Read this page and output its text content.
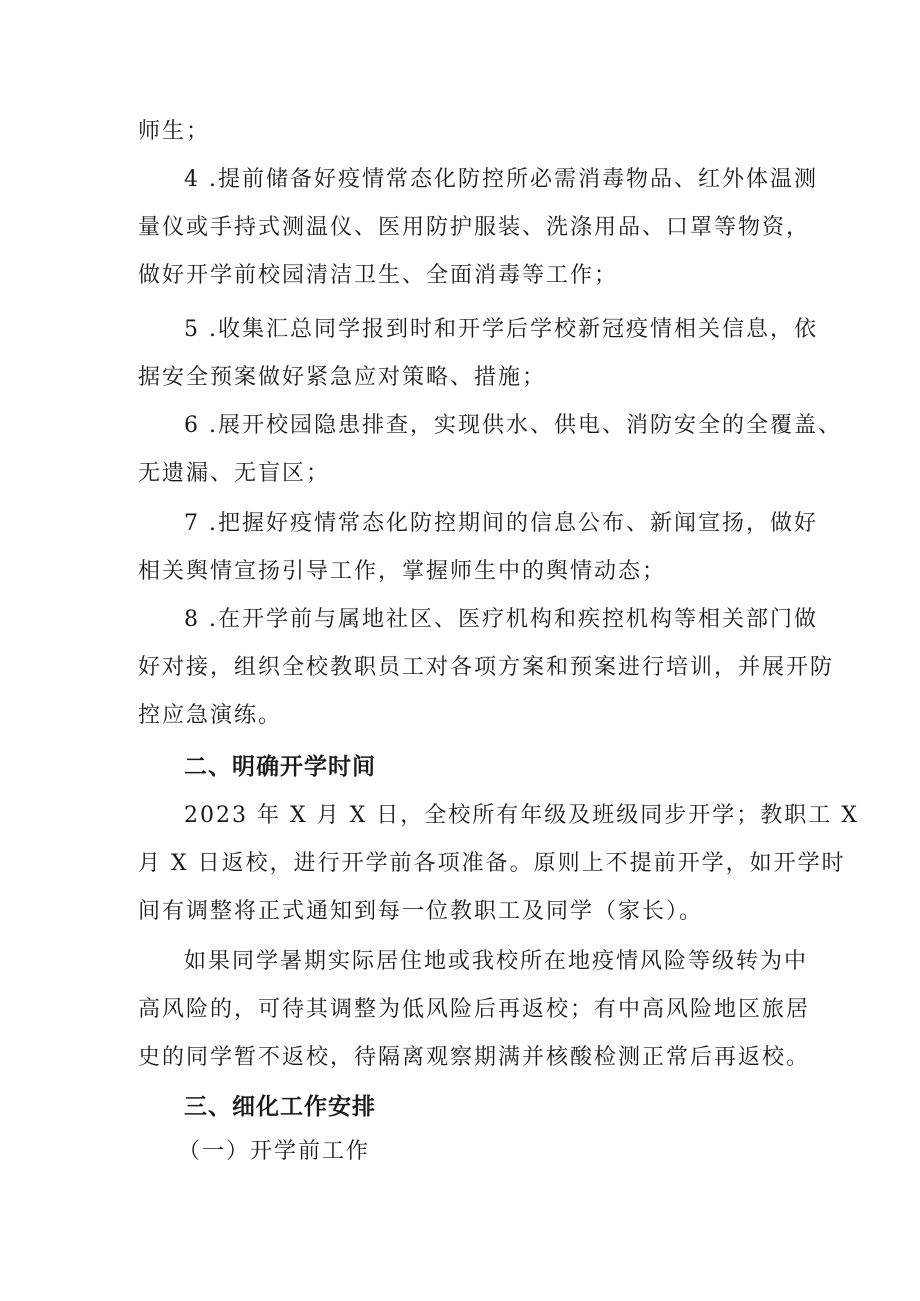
师生；
4 .提前储备好疫情常态化防控所必需消毒物品、红外体温测
量仪或手持式测温仪、医用防护服装、洗涤用品、口罩等物资，
做好开学前校园清洁卫生、全面消毒等工作；
5 .收集汇总同学报到时和开学后学校新冠疫情相关信息，依
据安全预案做好紧急应对策略、措施；
6 .展开校园隐患排查，实现供水、供电、消防安全的全覆盖、
无遗漏、无盲区；
7 .把握好疫情常态化防控期间的信息公布、新闻宣扬，做好
相关舆情宣扬引导工作，掌握师生中的舆情动态；
8 .在开学前与属地社区、医疗机构和疾控机构等相关部门做
好对接，组织全校教职员工对各项方案和预案进行培训，并展开防
控应急演练。
二、明确开学时间
2023 年 X 月 X 日，全校所有年级及班级同步开学；教职工 X
月 X 日返校，进行开学前各项准备。原则上不提前开学，如开学时
间有调整将正式通知到每一位教职工及同学（家长）。
如果同学暑期实际居住地或我校所在地疫情风险等级转为中
高风险的，可待其调整为低风险后再返校；有中高风险地区旅居
史的同学暂不返校，待隔离观察期满并核酸检测正常后再返校。
三、细化工作安排
（一）开学前工作
